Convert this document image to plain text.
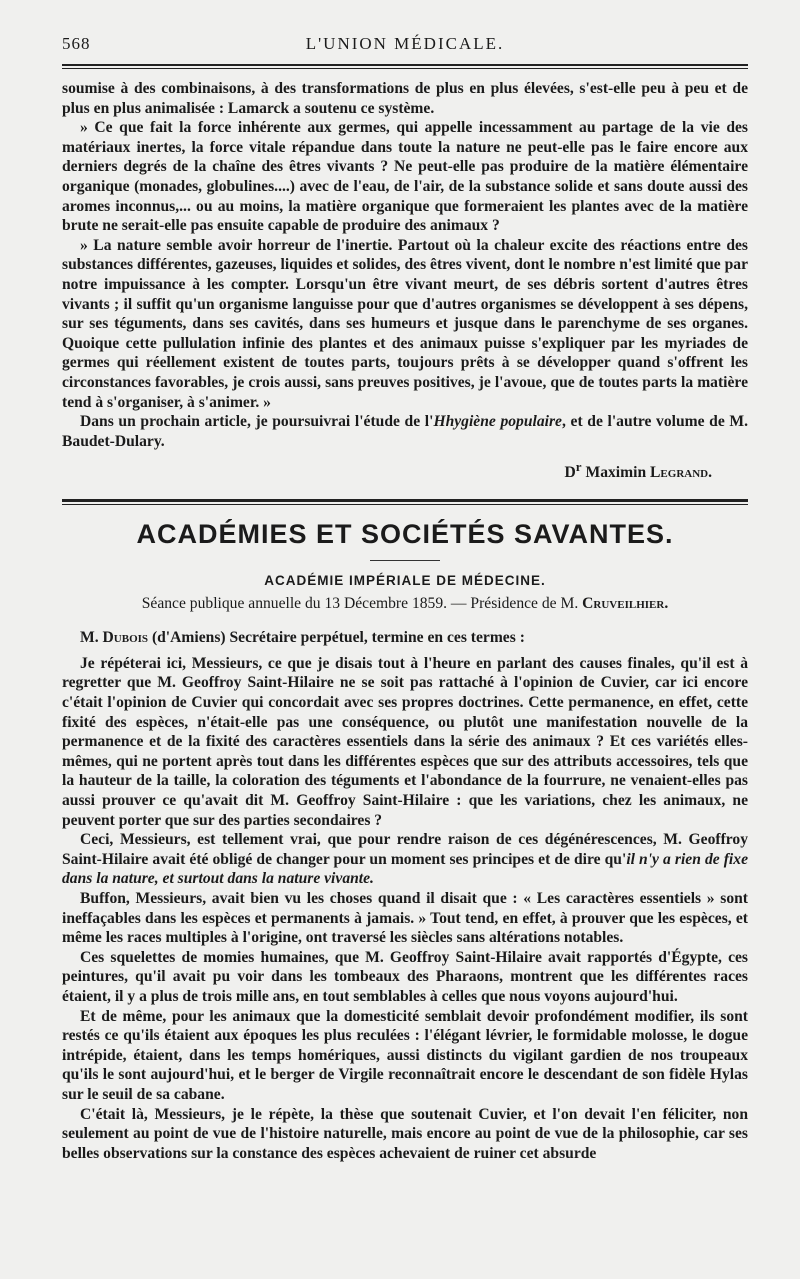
568	L'UNION MÉDICALE.

soumise à des combinaisons, à des transformations de plus en plus élevées, s'est-elle peu à peu et de plus en plus animalisée : Lamarck a soutenu ce système.

» Ce que fait la force inhérente aux germes, qui appelle incessamment au partage de la vie des matériaux inertes, la force vitale répandue dans toute la nature ne peut-elle pas le faire encore aux derniers degrés de la chaîne des êtres vivants ? Ne peut-elle pas produire de la matière élémentaire organique (monades, globulines....) avec de l'eau, de l'air, de la substance solide et sans doute aussi des aromes inconnus,... ou au moins, la matière organique que formeraient les plantes avec de la matière brute ne serait-elle pas ensuite capable de produire des animaux ?

» La nature semble avoir horreur de l'inertie. Partout où la chaleur excite des réactions entre des substances différentes, gazeuses, liquides et solides, des êtres vivent, dont le nombre n'est limité que par notre impuissance à les compter. Lorsqu'un être vivant meurt, de ses débris sortent d'autres êtres vivants ; il suffit qu'un organisme languisse pour que d'autres organismes se développent à ses dépens, sur ses téguments, dans ses cavités, dans ses humeurs et jusque dans le parenchyme de ses organes. Quoique cette pullulation infinie des plantes et des animaux puisse s'expliquer par les myriades de germes qui réellement existent de toutes parts, toujours prêts à se développer quand s'offrent les circonstances favorables, je crois aussi, sans preuves positives, je l'avoue, que de toutes parts la matière tend à s'organiser, à s'animer. »

Dans un prochain article, je poursuivrai l'étude de l'Hhygiène populaire, et de l'autre volume de M. Baudet-Dulary.

$D^r$ Maximin Legrand.
ACADÉMIES ET SOCIÉTÉS SAVANTES.
ACADÉMIE IMPÉRIALE DE MÉDECINE.
Séance publique annuelle du 13 Décembre 1859. — Présidence de M. Cruveilhier.

M. Dubois (d'Amiens) Secrétaire perpétuel, termine en ces termes :

Je répéterai ici, Messieurs, ce que je disais tout à l'heure en parlant des causes finales, qu'il est à regretter que M. Geoffroy Saint-Hilaire ne se soit pas rattaché à l'opinion de Cuvier, car ici encore c'était l'opinion de Cuvier qui concordait avec ses propres doctrines. Cette permanence, en effet, cette fixité des espèces, n'était-elle pas une conséquence, ou plutôt une manifestation nouvelle de la permanence et de la fixité des caractères essentiels dans la série des animaux ? Et ces variétés elles-mêmes, qui ne portent après tout dans les différentes espèces que sur des attributs accessoires, tels que la hauteur de la taille, la coloration des téguments et l'abondance de la fourrure, ne venaient-elles pas aussi prouver ce qu'avait dit M. Geoffroy Saint-Hilaire : que les variations, chez les animaux, ne peuvent porter que sur des parties secondaires ?

Ceci, Messieurs, est tellement vrai, que pour rendre raison de ces dégénérescences, M. Geoffroy Saint-Hilaire avait été obligé de changer pour un moment ses principes et de dire qu'il n'y a rien de fixe dans la nature, et surtout dans la nature vivante.

Buffon, Messieurs, avait bien vu les choses quand il disait que : « Les caractères essentiels » sont ineffaçables dans les espèces et permanents à jamais. » Tout tend, en effet, à prouver que les espèces, et même les races multiples à l'origine, ont traversé les siècles sans altérations notables.

Ces squelettes de momies humaines, que M. Geoffroy Saint-Hilaire avait rapportés d'Égypte, ces peintures, qu'il avait pu voir dans les tombeaux des Pharaons, montrent que les différentes races étaient, il y a plus de trois mille ans, en tout semblables à celles que nous voyons aujourd'hui.

Et de même, pour les animaux que la domesticité semblait devoir profondément modifier, ils sont restés ce qu'ils étaient aux époques les plus reculées : l'élégant lévrier, le formidable molosse, le dogue intrépide, étaient, dans les temps homériques, aussi distincts du vigilant gardien de nos troupeaux qu'ils le sont aujourd'hui, et le berger de Virgile reconnaîtrait encore le descendant de son fidèle Hylas sur le seuil de sa cabane.

C'était là, Messieurs, je le répète, la thèse que soutenait Cuvier, et l'on devait l'en féliciter, non seulement au point de vue de l'histoire naturelle, mais encore au point de vue de la philosophie, car ses belles observations sur la constance des espèces achevaient de ruiner cet absurde
